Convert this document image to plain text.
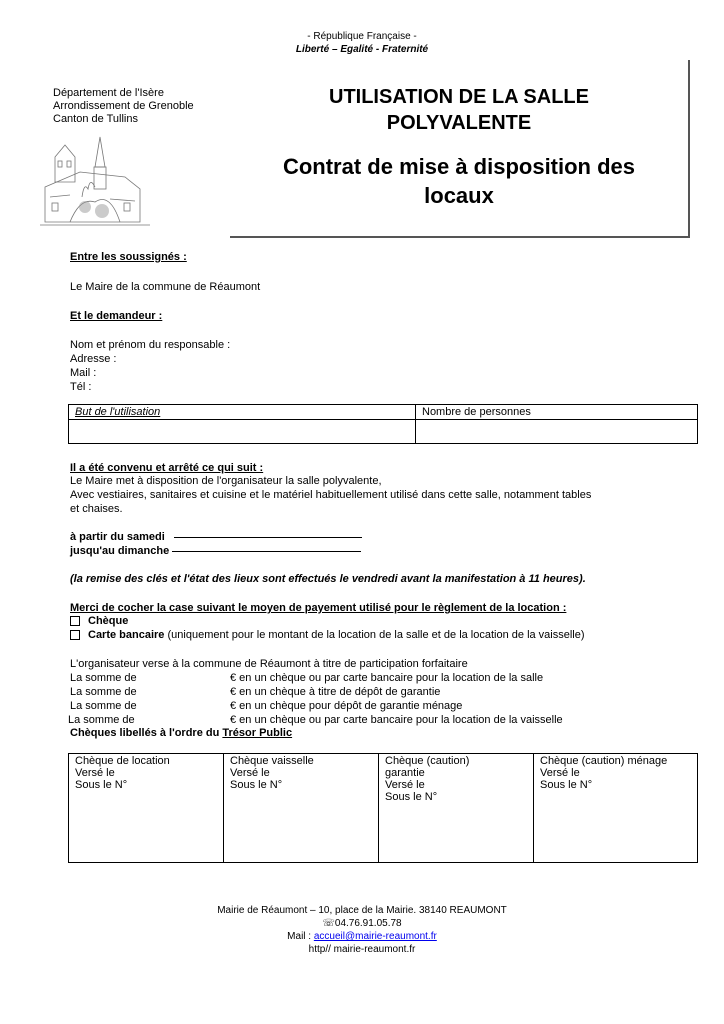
- République Française -
Liberté – Egalité - Fraternité
Département de l'Isère
Arrondissement de Grenoble
Canton de Tullins
UTILISATION DE LA SALLE
POLYVALENTE
Contrat de mise à disposition des
locaux
Entre les soussignés :
Le Maire de la commune de Réaumont
Et le demandeur :
Nom et prénom du responsable :
Adresse :
Mail :
Tél :
But de l'utilisation	Nombre de personnes

Il a été convenu et arrêté ce qui suit :
Le Maire met à disposition de l'organisateur la salle polyvalente,
Avec vestiaires, sanitaires et cuisine et le matériel habituellement utilisé dans cette salle, notamment tables
et chaises.
à partir du samedi
jusqu'au dimanche
(la remise des clés et l'état des lieux sont effectués le vendredi avant la manifestation à 11 heures).
Merci de cocher la case suivant le moyen de payement utilisé pour le règlement de la location :
Chèque
Carte bancaire (uniquement pour le montant de la location de la salle et de la location de la vaisselle)
L'organisateur verse à la commune de Réaumont à titre de participation forfaitaire
La somme de	€ en un chèque ou par carte bancaire pour la location de la salle
La somme de	€ en un chèque à titre de dépôt de garantie
La somme de	€ en un chèque pour dépôt de garantie ménage
La somme de	€ en un chèque ou par carte bancaire pour la location de la vaisselle
Chèques libellés à l'ordre du Trésor Public
Chèque de location
Versé le
Sous le N°

Chèque vaisselle
Versé le
Sous le N°

Chèque (caution)
garantie
Versé le
Sous le N°

Chèque (caution) ménage
Versé le
Sous le N°
Mairie de Réaumont – 10, place de la Mairie. 38140 REAUMONT
☏04.76.91.05.78
Mail : accueil@mairie-reaumont.fr
http// mairie-reaumont.fr
